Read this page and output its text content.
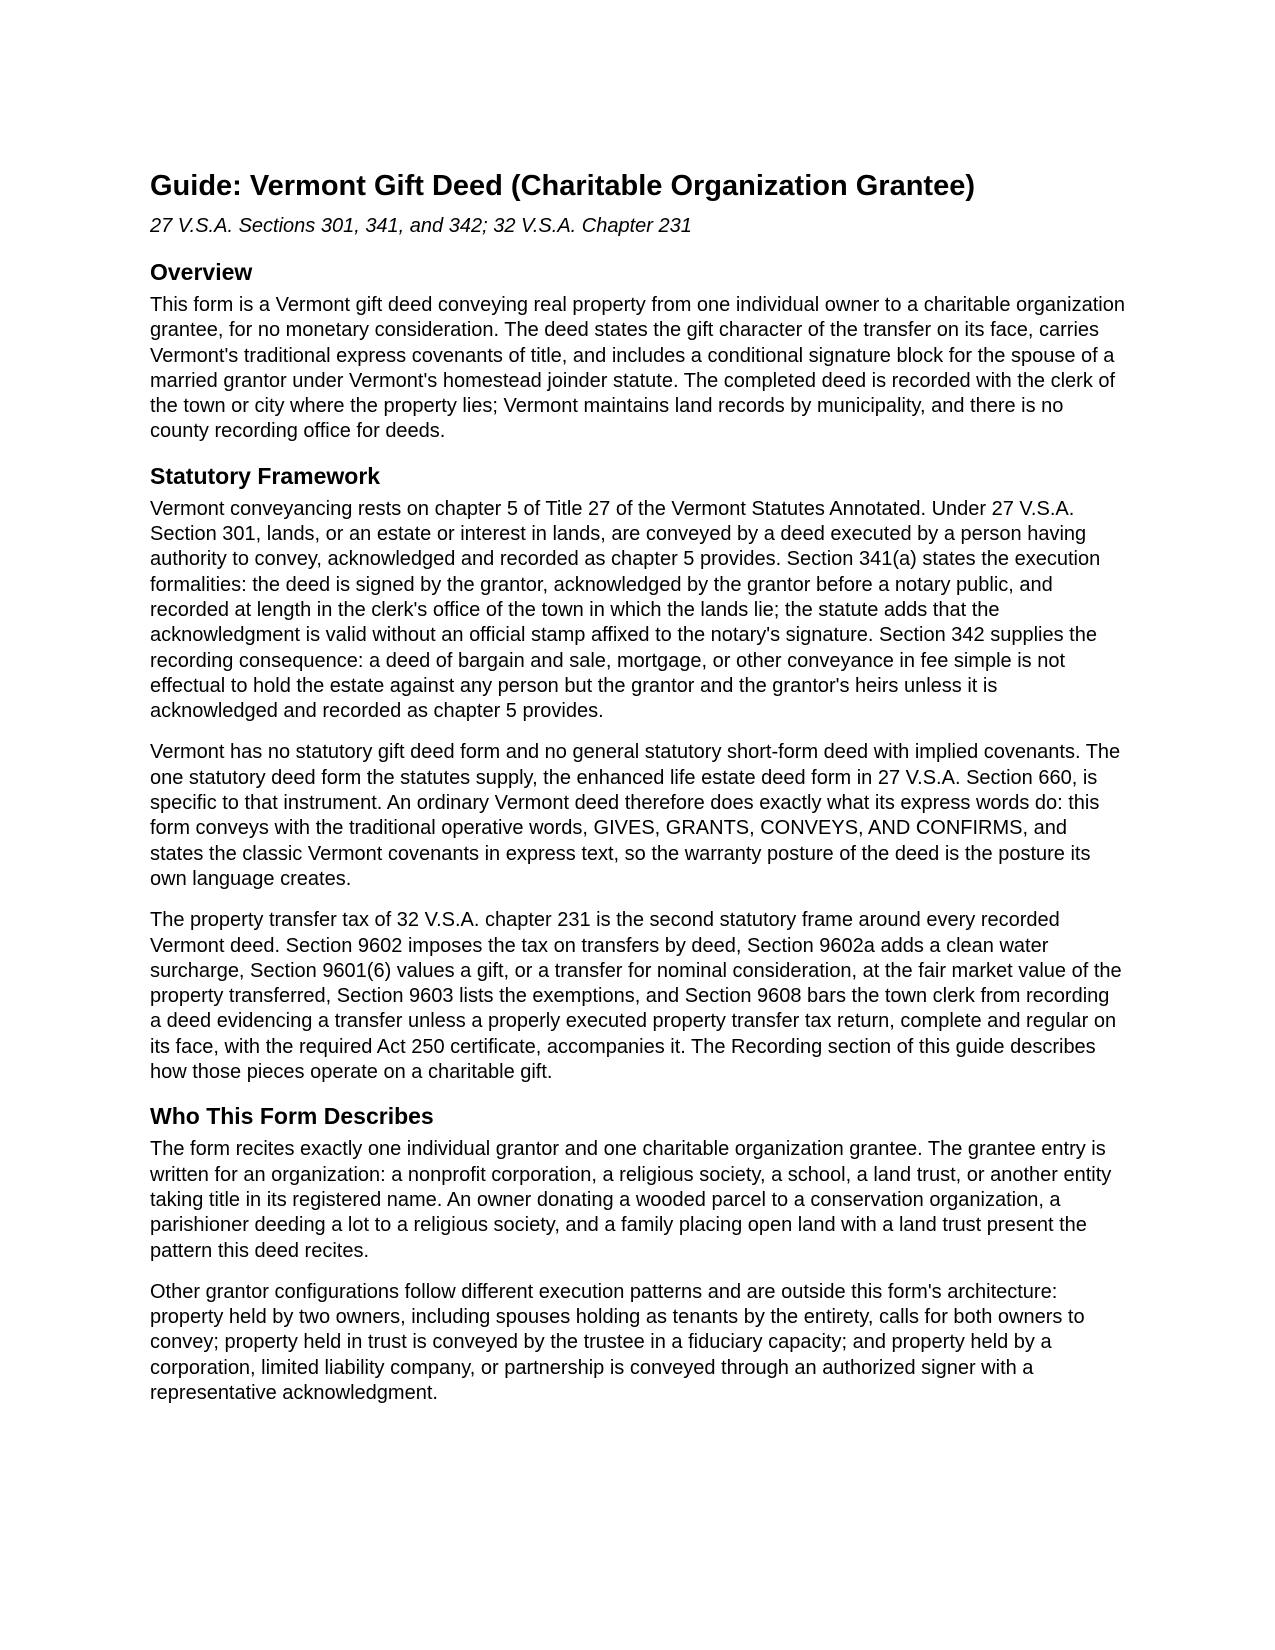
Guide: Vermont Gift Deed (Charitable Organization Grantee)
27 V.S.A. Sections 301, 341, and 342; 32 V.S.A. Chapter 231
Overview

This form is a Vermont gift deed conveying real property from one individual owner to a charitable organization grantee, for no monetary consideration. The deed states the gift character of the transfer on its face, carries Vermont's traditional express covenants of title, and includes a conditional signature block for the spouse of a married grantor under Vermont's homestead joinder statute. The completed deed is recorded with the clerk of the town or city where the property lies; Vermont maintains land records by municipality, and there is no county recording office for deeds.

Statutory Framework

Vermont conveyancing rests on chapter 5 of Title 27 of the Vermont Statutes Annotated. Under 27 V.S.A. Section 301, lands, or an estate or interest in lands, are conveyed by a deed executed by a person having authority to convey, acknowledged and recorded as chapter 5 provides. Section 341(a) states the execution formalities: the deed is signed by the grantor, acknowledged by the grantor before a notary public, and recorded at length in the clerk's office of the town in which the lands lie; the statute adds that the acknowledgment is valid without an official stamp affixed to the notary's signature. Section 342 supplies the recording consequence: a deed of bargain and sale, mortgage, or other conveyance in fee simple is not effectual to hold the estate against any person but the grantor and the grantor's heirs unless it is acknowledged and recorded as chapter 5 provides.

Vermont has no statutory gift deed form and no general statutory short-form deed with implied covenants. The one statutory deed form the statutes supply, the enhanced life estate deed form in 27 V.S.A. Section 660, is specific to that instrument. An ordinary Vermont deed therefore does exactly what its express words do: this form conveys with the traditional operative words, GIVES, GRANTS, CONVEYS, AND CONFIRMS, and states the classic Vermont covenants in express text, so the warranty posture of the deed is the posture its own language creates.

The property transfer tax of 32 V.S.A. chapter 231 is the second statutory frame around every recorded Vermont deed. Section 9602 imposes the tax on transfers by deed, Section 9602a adds a clean water surcharge, Section 9601(6) values a gift, or a transfer for nominal consideration, at the fair market value of the property transferred, Section 9603 lists the exemptions, and Section 9608 bars the town clerk from recording a deed evidencing a transfer unless a properly executed property transfer tax return, complete and regular on its face, with the required Act 250 certificate, accompanies it. The Recording section of this guide describes how those pieces operate on a charitable gift.

Who This Form Describes

The form recites exactly one individual grantor and one charitable organization grantee. The grantee entry is written for an organization: a nonprofit corporation, a religious society, a school, a land trust, or another entity taking title in its registered name. An owner donating a wooded parcel to a conservation organization, a parishioner deeding a lot to a religious society, and a family placing open land with a land trust present the pattern this deed recites.

Other grantor configurations follow different execution patterns and are outside this form's architecture: property held by two owners, including spouses holding as tenants by the entirety, calls for both owners to convey; property held in trust is conveyed by the trustee in a fiduciary capacity; and property held by a corporation, limited liability company, or partnership is conveyed through an authorized signer with a representative acknowledgment.
